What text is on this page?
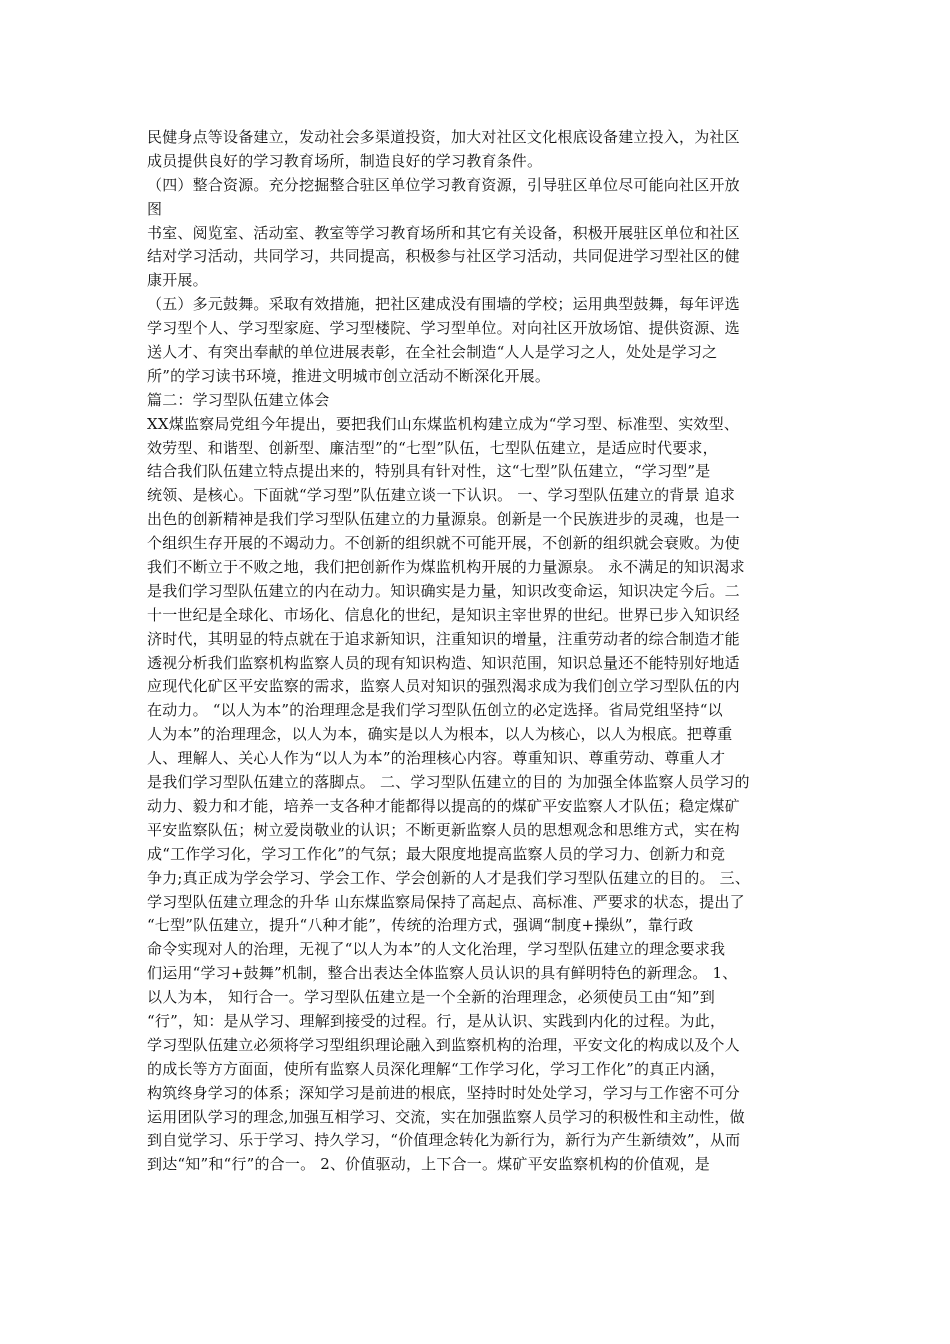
民健身点等设备建立，发动社会多渠道投资，加大对社区文化根底设备建立投入，为社区
成员提供良好的学习教育场所，制造良好的学习教育条件。
（四）整合资源。充分挖掘整合驻区单位学习教育资源，引导驻区单位尽可能向社区开放
图
书室、阅览室、活动室、教室等学习教育场所和其它有关设备，积极开展驻区单位和社区
结对学习活动，共同学习，共同提高，积极参与社区学习活动，共同促进学习型社区的健
康开展。
（五）多元鼓舞。采取有效措施，把社区建成没有围墙的学校；运用典型鼓舞，每年评选
学习型个人、学习型家庭、学习型楼院、学习型单位。对向社区开放场馆、提供资源、选
送人才、有突出奉献的单位进展表彰，在全社会制造“人人是学习之人，处处是学习之
所”的学习读书环境，推进文明城市创立活动不断深化开展。
篇二：学习型队伍建立体会
XX煤监察局党组今年提出，要把我们山东煤监机构建立成为“学习型、标准型、实效型、
效劳型、和谐型、创新型、廉洁型”的“七型”队伍，七型队伍建立，是适应时代要求，
结合我们队伍建立特点提出来的，特别具有针对性，这“七型”队伍建立，“学习型”是
统领、是核心。下面就“学习型”队伍建立谈一下认识。 一、学习型队伍建立的背景 追求
出色的创新精神是我们学习型队伍建立的力量源泉。创新是一个民族进步的灵魂，也是一
个组织生存开展的不竭动力。不创新的组织就不可能开展，不创新的组织就会衰败。为使
我们不断立于不败之地，我们把创新作为煤监机构开展的力量源泉。 永不满足的知识渴求
是我们学习型队伍建立的内在动力。知识确实是力量，知识改变命运，知识决定今后。二
十一世纪是全球化、市场化、信息化的世纪，是知识主宰世界的世纪。世界已步入知识经
济时代，其明显的特点就在于追求新知识，注重知识的增量，注重劳动者的综合制造才能
透视分析我们监察机构监察人员的现有知识构造、知识范围，知识总量还不能特别好地适
应现代化矿区平安监察的需求，监察人员对知识的强烈渴求成为我们创立学习型队伍的内
在动力。 “以人为本”的治理理念是我们学习型队伍创立的必定选择。省局党组坚持“以
人为本”的治理理念，以人为本，确实是以人为根本，以人为核心，以人为根底。把尊重
人、理解人、关心人作为“以人为本”的治理核心内容。尊重知识、尊重劳动、尊重人才
是我们学习型队伍建立的落脚点。 二、学习型队伍建立的目的 为加强全体监察人员学习的
动力、毅力和才能，培养一支各种才能都得以提高的的煤矿平安监察人才队伍；稳定煤矿
平安监察队伍；树立爱岗敬业的认识；不断更新监察人员的思想观念和思维方式，实在构
成“工作学习化，学习工作化”的气氛；最大限度地提高监察人员的学习力、创新力和竞
争力;真正成为学会学习、学会工作、学会创新的人才是我们学习型队伍建立的目的。 三、
学习型队伍建立理念的升华 山东煤监察局保持了高起点、高标准、严要求的状态，提出了
“七型”队伍建立，提升“八种才能”，传统的治理方式，强调“制度+操纵”，靠行政
命令实现对人的治理，无视了“以人为本”的人文化治理，学习型队伍建立的理念要求我
们运用“学习+鼓舞”机制，整合出表达全体监察人员认识的具有鲜明特色的新理念。 1、
以人为本， 知行合一。学习型队伍建立是一个全新的治理理念，必须使员工由“知”到
“行”，知：是从学习、理解到接受的过程。行，是从认识、实践到内化的过程。为此，
学习型队伍建立必须将学习型组织理论融入到监察机构的治理，平安文化的构成以及个人
的成长等方方面面，使所有监察人员深化理解“工作学习化，学习工作化”的真正内涵，
构筑终身学习的体系；深知学习是前进的根底，坚持时时处处学习，学习与工作密不可分
运用团队学习的理念,加强互相学习、交流，实在加强监察人员学习的积极性和主动性，做
到自觉学习、乐于学习、持久学习，“价值理念转化为新行为，新行为产生新绩效”，从而
到达“知”和“行”的合一。 2、价值驱动，上下合一。煤矿平安监察机构的价值观，是
